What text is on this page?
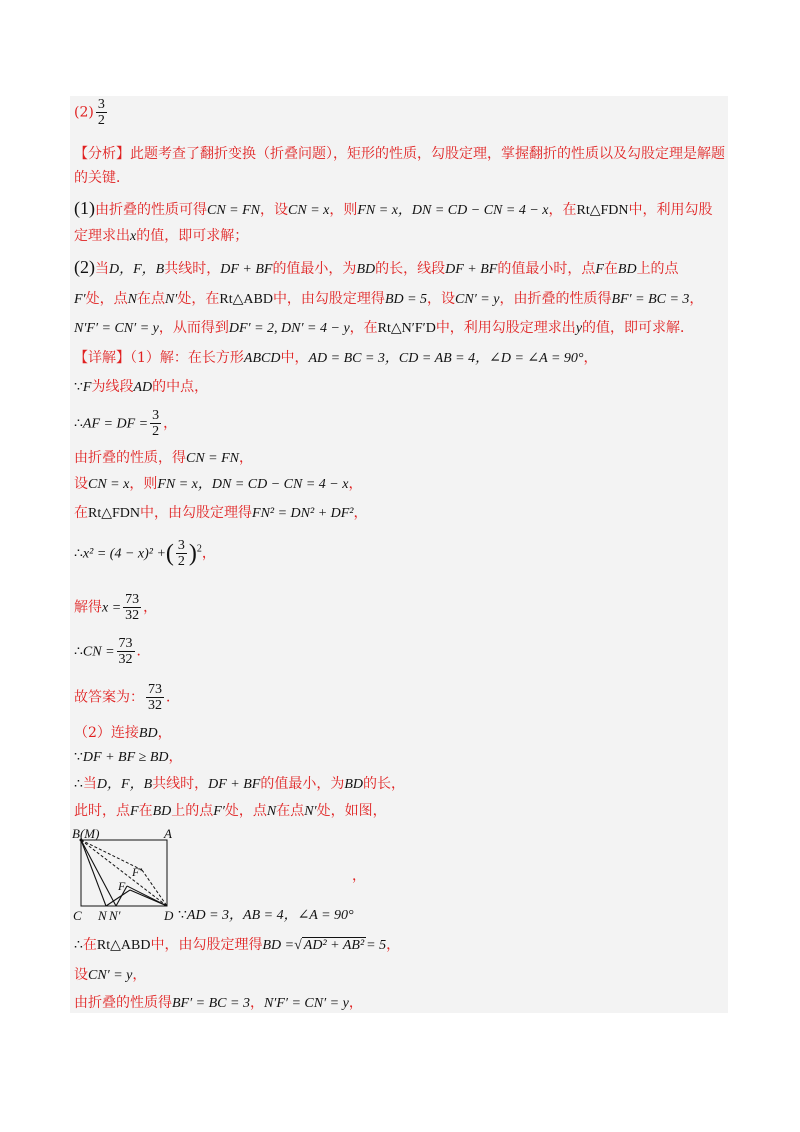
$(2) \frac{3}{2}$
【分析】此题考查了翻折变换（折叠问题），矩形的性质，勾股定理，掌握翻折的性质以及勾股定理是解题
的关键．
(1)由折叠的性质可得CN = FN，设CN = x，则FN = x，DN = CD − CN = 4 − x，在Rt△FDN中，利用勾股
定理求出x的值，即可求解；
(2)当D，F，B共线时，DF + BF的值最小，为BD的长，线段DF + BF的值最小时，点F在BD上的点
F′处，点N在点N′处，在Rt△ABD中，由勾股定理得BD = 5，设CN′ = y，由折叠的性质得BF′ = BC = 3，
N′F′ = CN′ = y，从而得到DF′ = 2, DN′ = 4 − y，在Rt△N′F′D中，利用勾股定理求出y的值，即可求解．
【详解】（1）解：在长方形ABCD中，AD = BC = 3，CD = AB = 4，∠D = ∠A = 90°，
∵F为线段AD的中点，
∴AF = DF = $\frac{3}{2}$ ，
由折叠的性质，得CN = FN，
设CN = x，则FN = x，DN = CD − CN = 4 − x，
在Rt△FDN中，由勾股定理得FN² = DN² + DF²，
∴x² = (4 − x)² +( $\frac{3}{2} )^2$，
解得$x = \frac{73}{32}$ ，
∴CN = $\frac{73}{32}$ ．
故答案为： $\frac{73}{32}$ ．
（2）连接BD，
∵DF + BF ≥ BD，
∴当D，F，B共线时，DF + BF的值最小，为BD的长，
此时，点F在BD上的点F′处，点N在点N′处，如图，
B(M)	A
F′
F
C N N′	D
，
∵AD = 3，AB = 4，∠A = 90°
∴在Rt△ABD中，由勾股定理得BD =√ AD² + AB² = 5，
设CN′ = y，
由折叠的性质得BF′ = BC = 3，N′F′ = CN′ = y，
